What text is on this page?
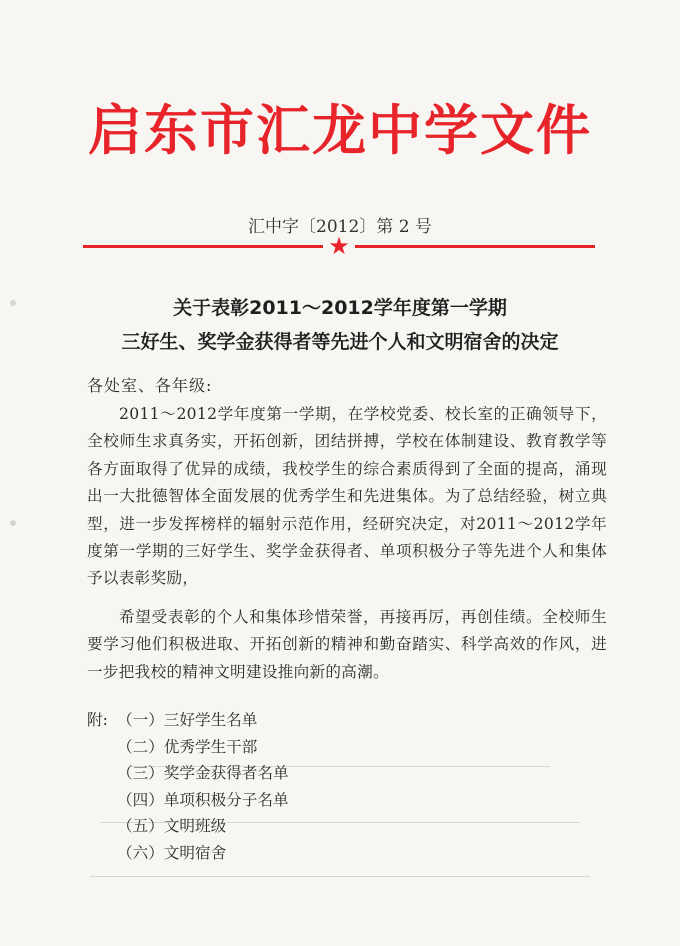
启东市汇龙中学文件
汇中字〔2012〕第 2 号
★
关于表彰2011～2012学年度第一学期
三好生、奖学金获得者等先进个人和文明宿舍的决定
各处室、各年级:
2011～2012学年度第一学期，在学校党委、校长室的正确领导下，全校师生求真务实，开拓创新，团结拼搏，学校在体制建设、教育教学等各方面取得了优异的成绩，我校学生的综合素质得到了全面的提高，涌现出一大批德智体全面发展的优秀学生和先进集体。为了总结经验，树立典型，进一步发挥榜样的辐射示范作用，经研究决定，对2011～2012学年度第一学期的三好学生、奖学金获得者、单项积极分子等先进个人和集体予以表彰奖励，
希望受表彰的个人和集体珍惜荣誉，再接再厉，再创佳绩。全校师生要学习他们积极进取、开拓创新的精神和勤奋踏实、科学高效的作风，进一步把我校的精神文明建设推向新的高潮。
附: （一）三好学生名单
（二）优秀学生干部
（三）奖学金获得者名单
（四）单项积极分子名单
（五）文明班级
（六）文明宿舍
